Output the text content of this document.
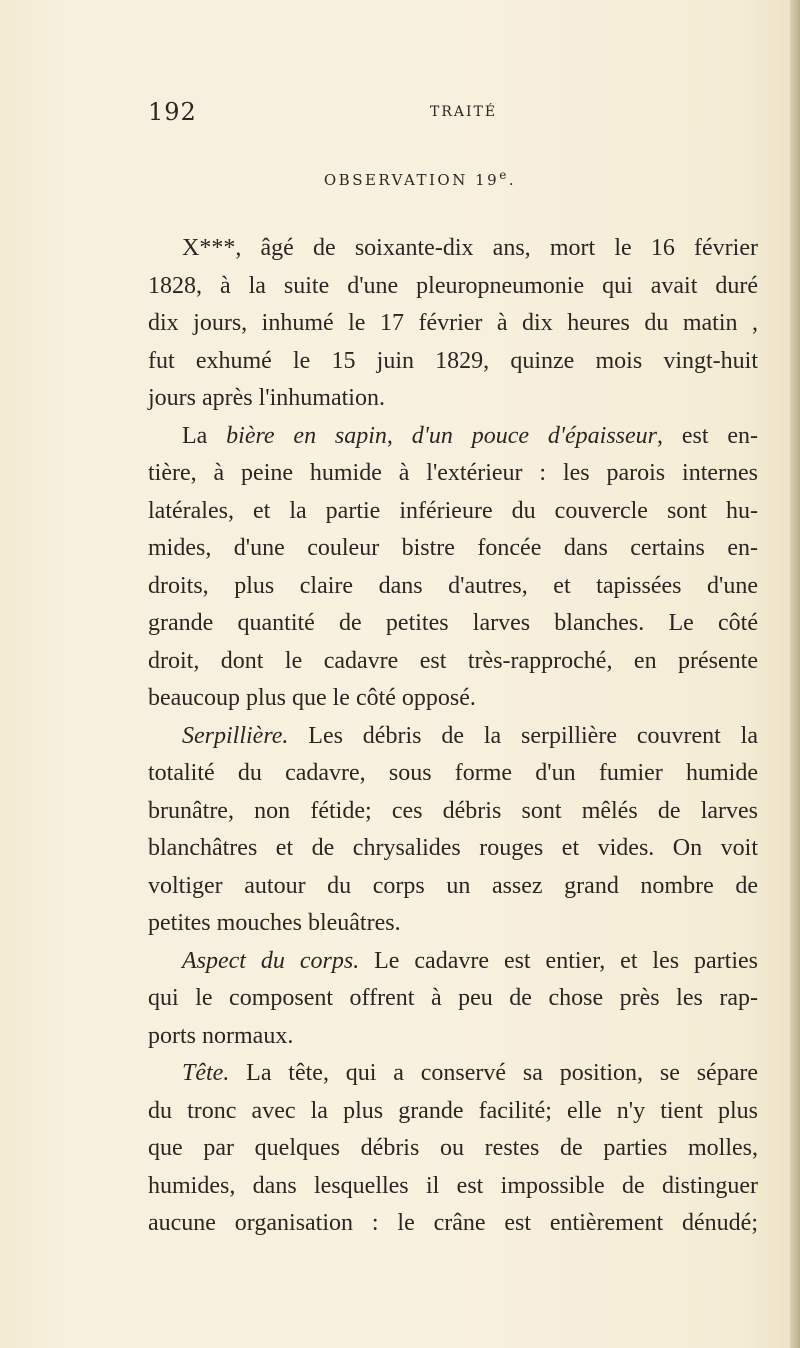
192	TRAITÉ
OBSERVATION 19e.
X***, âgé de soixante-dix ans, mort le 16 février
1828, à la suite d'une pleuropneumonie qui avait duré
dix jours, inhumé le 17 février à dix heures du matin ,
fut exhumé le 15 juin 1829, quinze mois vingt-huit
jours après l'inhumation.
La bière en sapin, d'un pouce d'épaisseur, est en-
tière, à peine humide à l'extérieur : les parois internes
latérales, et la partie inférieure du couvercle sont hu-
mides, d'une couleur bistre foncée dans certains en-
droits, plus claire dans d'autres, et tapissées d'une
grande quantité de petites larves blanches. Le côté
droit, dont le cadavre est très-rapproché, en présente
beaucoup plus que le côté opposé.
Serpillière. Les débris de la serpillière couvrent la
totalité du cadavre, sous forme d'un fumier humide
brunâtre, non fétide; ces débris sont mêlés de larves
blanchâtres et de chrysalides rouges et vides. On voit
voltiger autour du corps un assez grand nombre de
petites mouches bleuâtres.
Aspect du corps. Le cadavre est entier, et les parties
qui le composent offrent à peu de chose près les rap-
ports normaux.
Tête. La tête, qui a conservé sa position, se sépare
du tronc avec la plus grande facilité; elle n'y tient plus
que par quelques débris ou restes de parties molles,
humides, dans lesquelles il est impossible de distinguer
aucune organisation : le crâne est entièrement dénudé;
